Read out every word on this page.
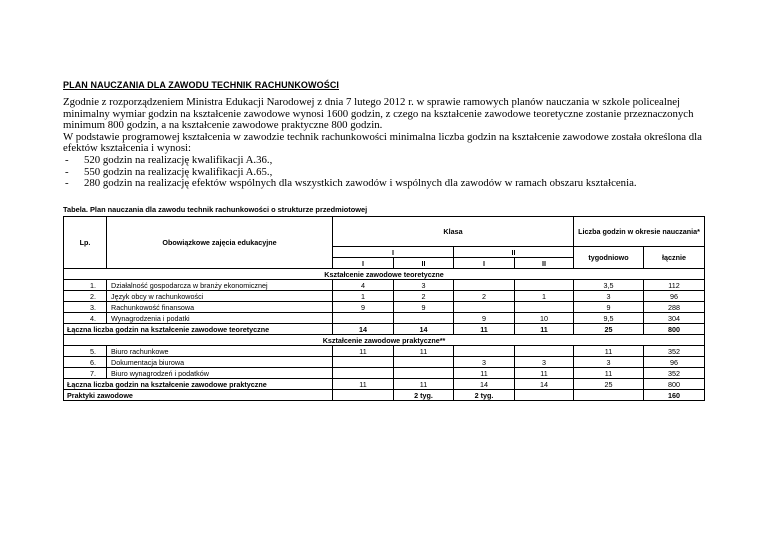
PLAN NAUCZANIA DLA ZAWODU TECHNIK RACHUNKOWOŚCI

Zgodnie z rozporządzeniem Ministra Edukacji Narodowej z dnia 7 lutego 2012 r. w sprawie ramowych planów nauczania w szkole policealnej minimalny wymiar godzin na kształcenie zawodowe wynosi 1600 godzin, z czego na kształcenie zawodowe teoretyczne zostanie przeznaczonych minimum 800 godzin, a na kształcenie zawodowe praktyczne 800 godzin.

W podstawie programowej kształcenia w zawodzie technik rachunkowości minimalna liczba godzin na kształcenie zawodowe została określona dla efektów kształcenia i wynosi:

- 520 godzin na realizację kwalifikacji A.36.,
- 550 godzin na realizację kwalifikacji A.65.,
- 280 godzin na realizację efektów wspólnych dla wszystkich zawodów i wspólnych dla zawodów w ramach obszaru kształcenia.
Tabela. Plan nauczania dla zawodu technik rachunkowości o strukturze przedmiotowej
Lp.	Obowiązkowe zajęcia edukacyjne	Klasa				Liczba godzin w okresie nauczania*	
		I		II		tygodniowo	łącznie
		I	II	I	II		
Kształcenie zawodowe teoretyczne							
1.	Działalność gospodarcza w branży ekonomicznej	4	3			3,5	112
2.	Język obcy w rachunkowości	1	2	2	1	3	96
3.	Rachunkowość finansowa	9	9			9	288
4.	Wynagrodzenia i podatki			9	10	9,5	304
Łączna liczba godzin na kształcenie zawodowe teoretyczne		14	14	11	11	25	800
Kształcenie zawodowe praktyczne**							
5.	Biuro rachunkowe	11	11			11	352
6.	Dokumentacja biurowa			3	3	3	96
7.	Biuro wynagrodzeń i podatków			11	11	11	352
Łączna liczba godzin na kształcenie zawodowe praktyczne		11	11	14	14	25	800
Praktyki zawodowe			2 tyg.	2 tyg.			160
